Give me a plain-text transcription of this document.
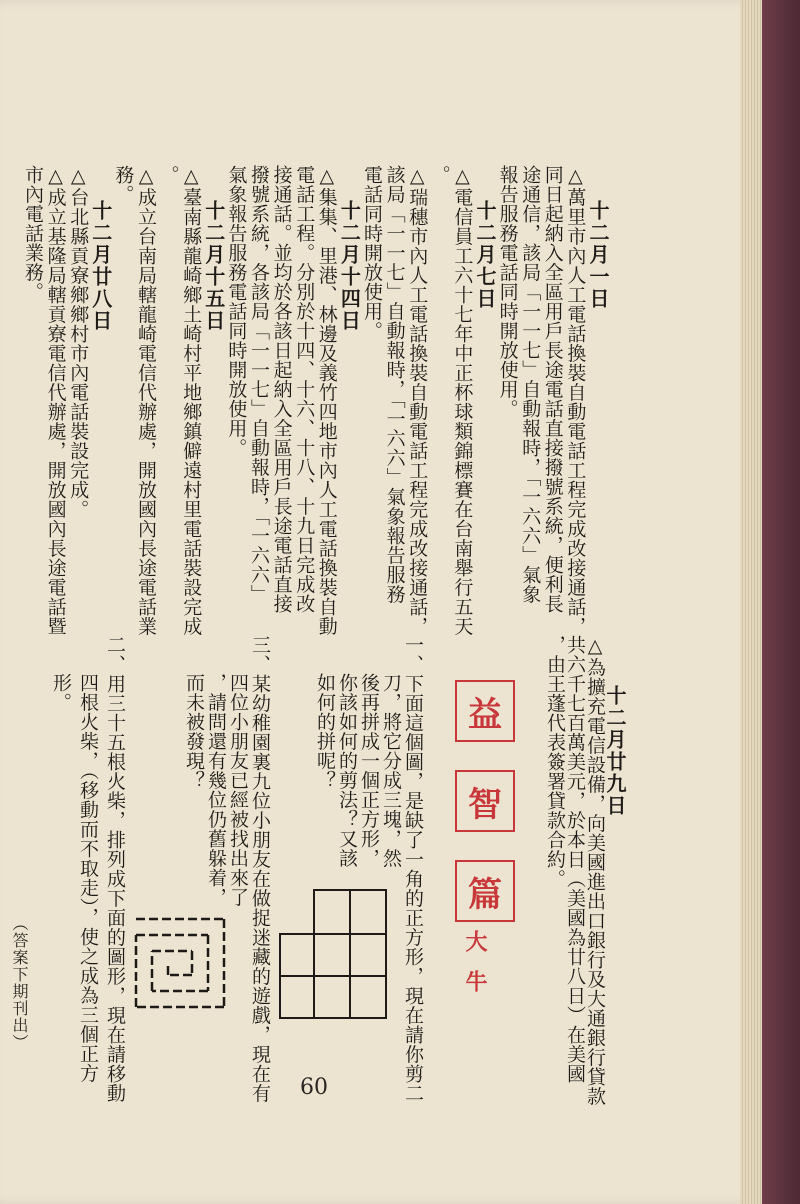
十二月一日
△萬里市內人工電話換裝自動電話工程完成改接通話，
同日起納入全區用戶長途電話直接撥號系統，便利長
途通信，該局「一一七」自動報時，「一六六」氣象
報告服務電話同時開放使用。
十二月七日
△電信員工六十七年中正杯球類錦標賽在台南舉行五天
。
△瑞穗市內人工電話換裝自動電話工程完成改接通話，
該局「一一七」自動報時，「一六六」氣象報告服務
電話同時開放使用。
十二月十四日
△集集、里港、林邊及義竹四地市內人工電話換裝自動
電話工程。分別於十四、十六、十八、十九日完成改
接通話。並均於各該日起納入全區用戶長途電話直接
撥號系統，各該局「一一七」自動報時，「一六六」
氣象報告服務電話同時開放使用。
十二月十五日
△臺南縣龍崎鄉土崎村平地鄉鎮僻遠村里電話裝設完成
。
△成立台南局轄龍崎電信代辦處，開放國內長途電話業
務。
十二月廿八日
△台北縣貢寮鄉鄉村市內電話裝設完成。
△成立基隆局轄貢寮電信代辦處，開放國內長途電話暨
市內電話業務。
十二月廿九日
△為擴充電信設備，向美國進出口銀行及大通銀行貸款
共六千七百萬美元，於本日（美國為廿八日）在美國
，由王蓬代表簽署貸款合約。
益
智
篇
大牛
一、下面這個圖，是缺了一角的正方形，現在請你剪二
刀，將它分成三塊，然
後再拼成一個正方形，
你該如何的剪法？又該
如何的拼呢？
三、某幼稚園裏九位小朋友在做捉迷藏的遊戲，現在有
四位小朋友已經被找出來了
，請問還有幾位仍舊躲着，
而未被發現？
二、用三十五根火柴，排列成下面的圖形，現在請移動
四根火柴，（移動而不取走），使之成為三個正方
形。
（答案下期刊出）
60
